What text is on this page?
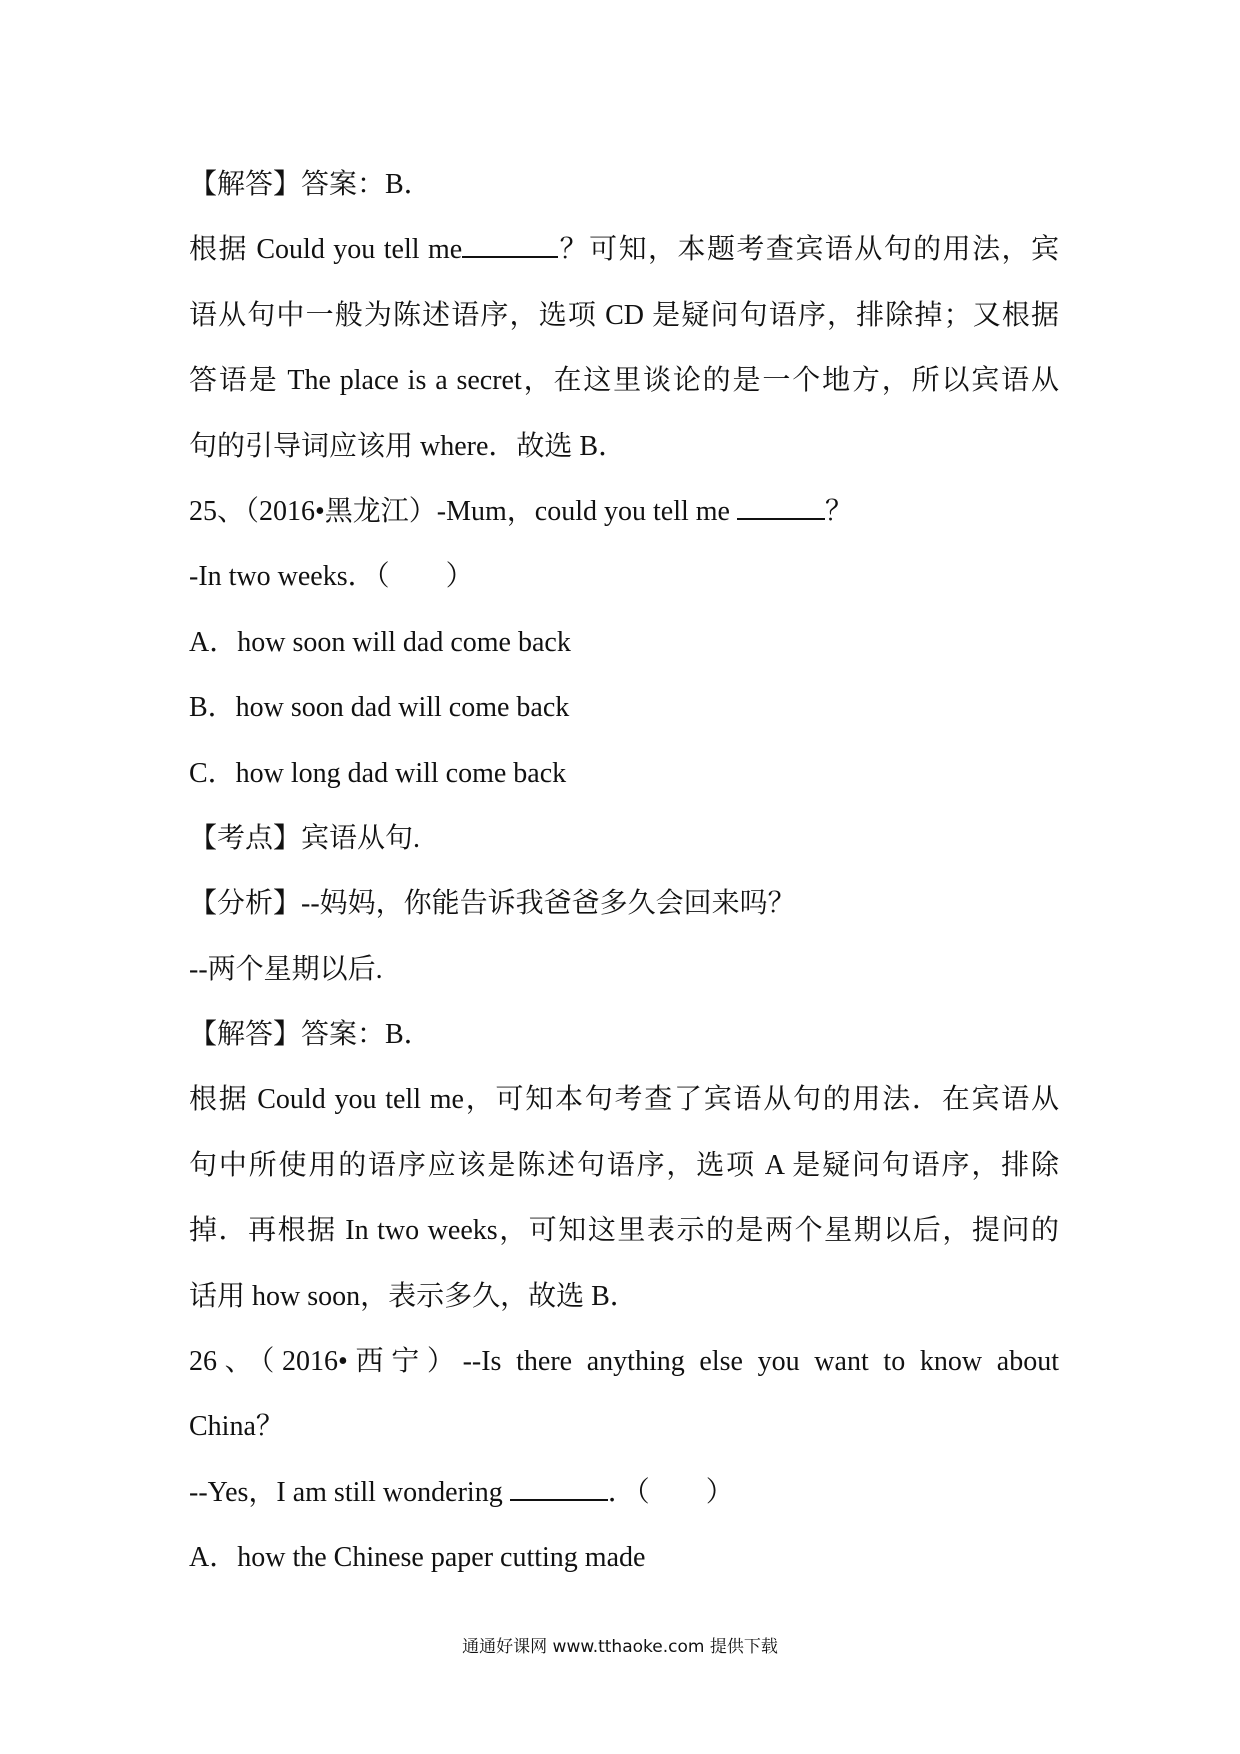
【解答】答案：B．
根据 Could you tell me	？可知，本题考查宾语从句的用法，宾
语从句中一般为陈述语序，选项 CD 是疑问句语序，排除掉；又根据
答语是 The place is a secret，在这里谈论的是一个地方，所以宾语从
句的引导词应该用 where．故选 B．
25、（2016•黑龙江）-Mum，could you tell me	？
-In two weeks．（　　）
A．how soon will dad come back
B．how soon dad will come back
C．how long dad will come back
【考点】宾语从句.
【分析】--妈妈，你能告诉我爸爸多久会回来吗？
--两个星期以后.
【解答】答案：B．
根据 Could you tell me，可知本句考查了宾语从句的用法．在宾语从
句中所使用的语序应该是陈述句语序，选项 A 是疑问句语序，排除
掉．再根据 In two weeks，可知这里表示的是两个星期以后，提问的
话用 how soon，表示多久，故选 B．
26、（2016•西宁）--Is there anything else you want to know about
China？
--Yes，I am still wondering	．（　　）
A．how the Chinese paper cutting made
通通好课网 www.tthaoke.com 提供下载
